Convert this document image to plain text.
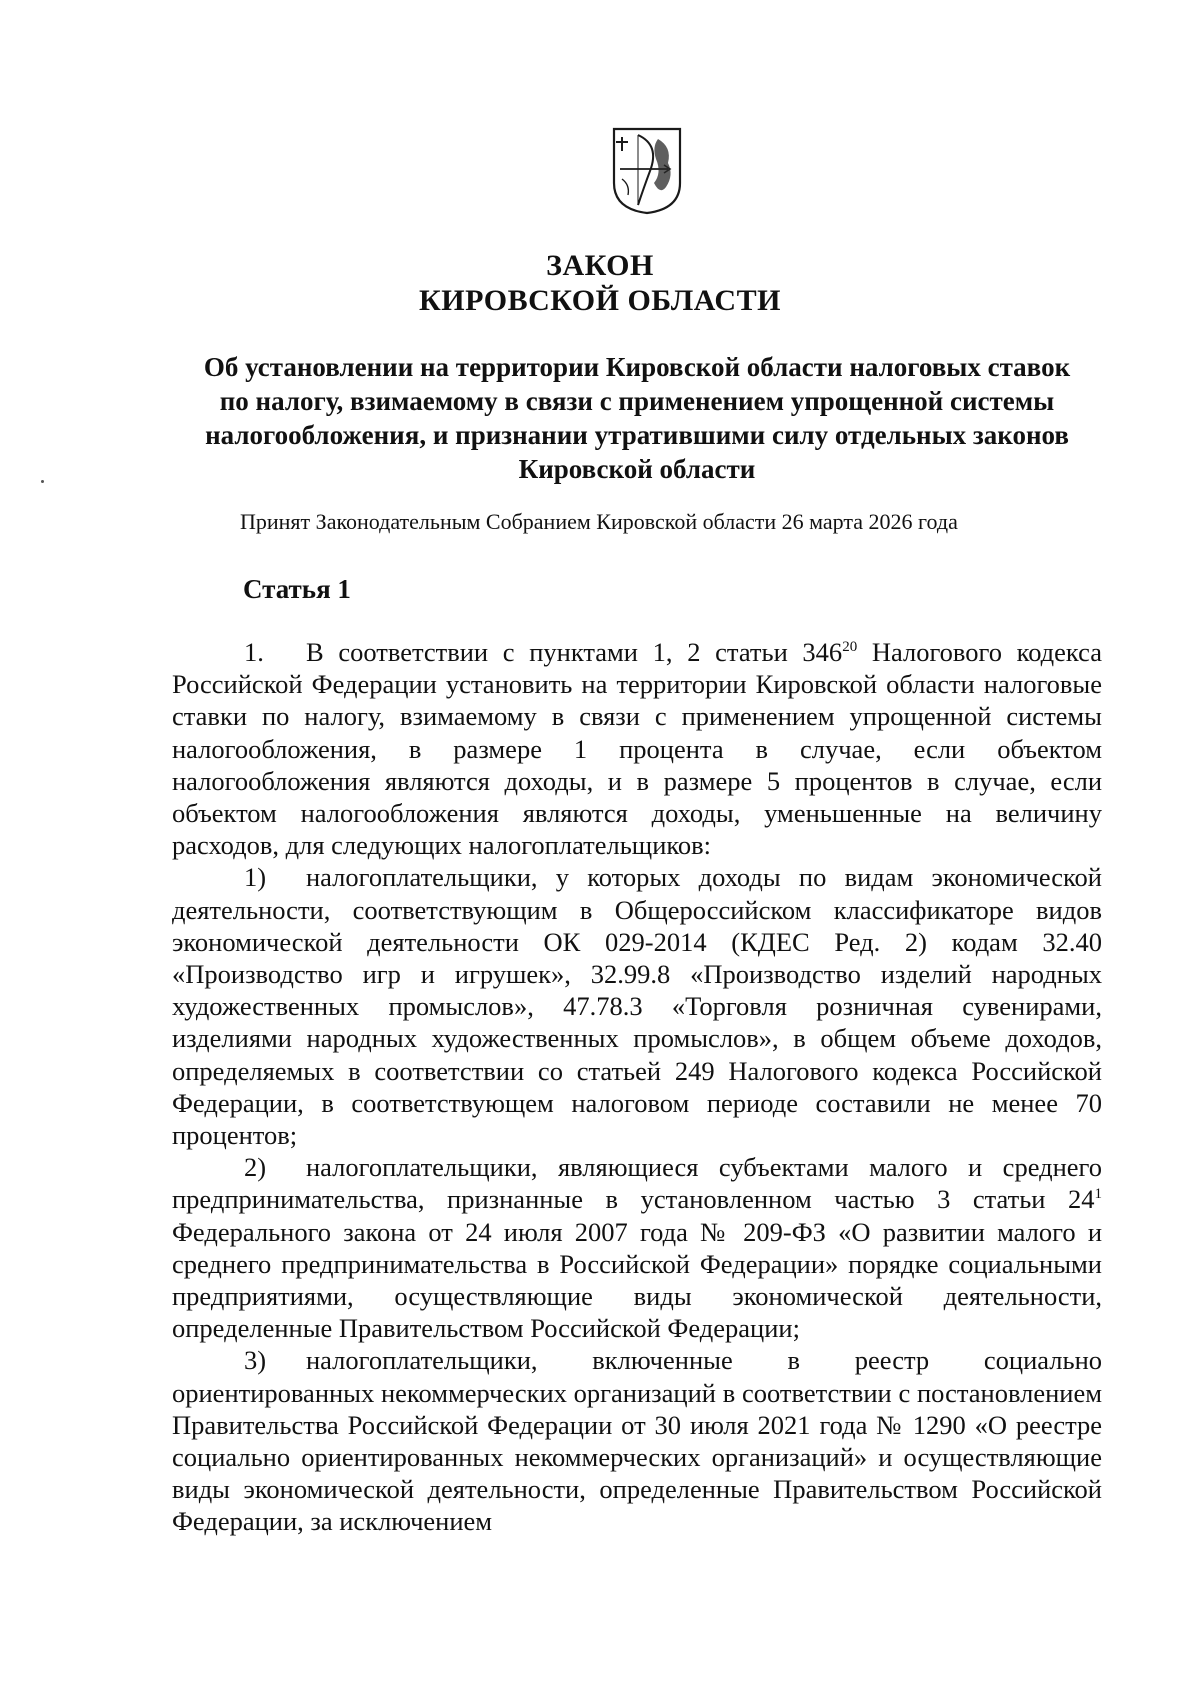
ЗАКОН
КИРОВСКОЙ ОБЛАСТИ
Об установлении на территории Кировской области налоговых ставок
по налогу, взимаемому в связи с применением упрощенной системы
налогообложения, и признании утратившими силу отдельных законов
Кировской области
Принят Законодательным Собранием Кировской области 26 марта 2026 года
Статья 1

1. В соответствии с пунктами 1, 2 статьи $346^{20}$ Налогового кодекса Российской Федерации установить на территории Кировской области налоговые ставки по налогу, взимаемому в связи с применением упрощенной системы налогообложения, в размере 1 процента в случае, если объектом налогообложения являются доходы, и в размере 5 процентов в случае, если объектом налогообложения являются доходы, уменьшенные на величину расходов, для следующих налогоплательщиков:

1) налогоплательщики, у которых доходы по видам экономической деятельности, соответствующим в Общероссийском классификаторе видов экономической деятельности ОК 029-2014 (КДЕС Ред. 2) кодам 32.40 «Производство игр и игрушек», 32.99.8 «Производство изделий народных художественных промыслов», 47.78.3 «Торговля розничная сувенирами, изделиями народных художественных промыслов», в общем объеме доходов, определяемых в соответствии со статьей 249 Налогового кодекса Российской Федерации, в соответствующем налоговом периоде составили не менее 70 процентов;

2) налогоплательщики, являющиеся субъектами малого и среднего предпринимательства, признанные в установленном частью 3 статьи $24^1$ Федерального закона от 24 июля 2007 года № 209-ФЗ «О развитии малого и среднего предпринимательства в Российской Федерации» порядке социальными предприятиями, осуществляющие виды экономической деятельности, определенные Правительством Российской Федерации;

3) налогоплательщики, включенные в реестр социально ориентированных некоммерческих организаций в соответствии с постановлением Правительства Российской Федерации от 30 июля 2021 года № 1290 «О реестре социально ориентированных некоммерческих организаций» и осуществляющие виды экономической деятельности, определенные Правительством Российской Федерации, за исключением
